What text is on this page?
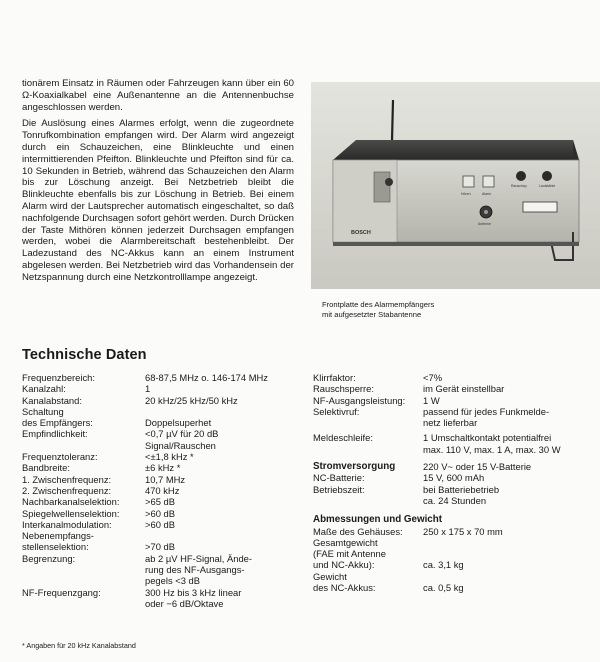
tionärem Einsatz in Räumen oder Fahrzeugen kann über ein 60 Ω-Koaxialkabel eine Außenantenne an die Antennenbuchse angeschlossen werden.

Die Auslösung eines Alarmes erfolgt, wenn die zugeordnete Tonrufkombination empfangen wird. Der Alarm wird angezeigt durch ein Schauzeichen, eine Blinkleuchte und einen intermittierenden Pfeifton. Blinkleuchte und Pfeifton sind für ca. 10 Sekunden in Betrieb, während das Schauzeichen den Alarm bis zur Löschung anzeigt. Bei Netzbetrieb bleibt die Blinkleuchte ebenfalls bis zur Löschung in Betrieb. Bei einem Alarm wird der Lautsprecher automatisch eingeschaltet, so daß nachfolgende Durchsagen sofort gehört werden. Durch Drücken der Taste Mithören können jederzeit Durchsagen empfangen werden, wobei die Alarmbereitschaft bestehenbleibt. Der Ladezustand des NC-Akkus kann an einem Instrument abgelesen werden. Bei Netzbetrieb wird das Vorhandensein der Netzspannung durch eine Netzkontrolllampe angezeigt.

BOSCH
Hören	Alarm
Rauschsp.	Lautstärke
Antenne
Frontplatte des Alarmempfängers
mit aufgesetzter Stabantenne
Technische Daten
Frequenzbereich:	68-87,5 MHz o. 146-174 MHz
Kanalzahl:	1
Kanalabstand:	20 kHz/25 kHz/50 kHz
Schaltung
des Empfängers:	
Doppelsuperhet
Empfindlichkeit:	<0,7 µV für 20 dB
Signal/Rauschen
Frequenztoleranz:	<±1,8 kHz *
Bandbreite:	±6 kHz *
1. Zwischenfrequenz:	10,7 MHz
2. Zwischenfrequenz:	470 kHz
Nachbarkanalselektion:	>65 dB
Spiegelwellenselektion:	>60 dB
Interkanalmodulation:	>60 dB
Nebenempfangs-
stellenselektion:	
>70 dB
Begrenzung:	ab 2 µV HF-Signal, Ände-
rung des NF-Ausgangs-
pegels <3 dB
NF-Frequenzgang:	300 Hz bis 3 kHz linear
oder −6 dB/Oktave
Klirrfaktor:	<7%
Rauschsperre:	im Gerät einstellbar
NF-Ausgangsleistung:	1 W
Selektivruf:	passend für jedes Funkmelde-
netz lieferbar
Meldeschleife:	1 Umschaltkontakt potentialfrei
max. 110 V, max. 1 A, max. 30 W
Stromversorgung	220 V~ oder 15 V-Batterie
NC-Batterie:	15 V, 600 mAh
Betriebszeit:	bei Batteriebetrieb
ca. 24 Stunden
Abmessungen und Gewicht
Maße des Gehäuses:	250 x 175 x 70 mm
Gesamtgewicht
(FAE mit Antenne
und NC-Akku):	

ca. 3,1 kg
Gewicht
des NC-Akkus:	
ca. 0,5 kg
* Angaben für 20 kHz Kanalabstand
